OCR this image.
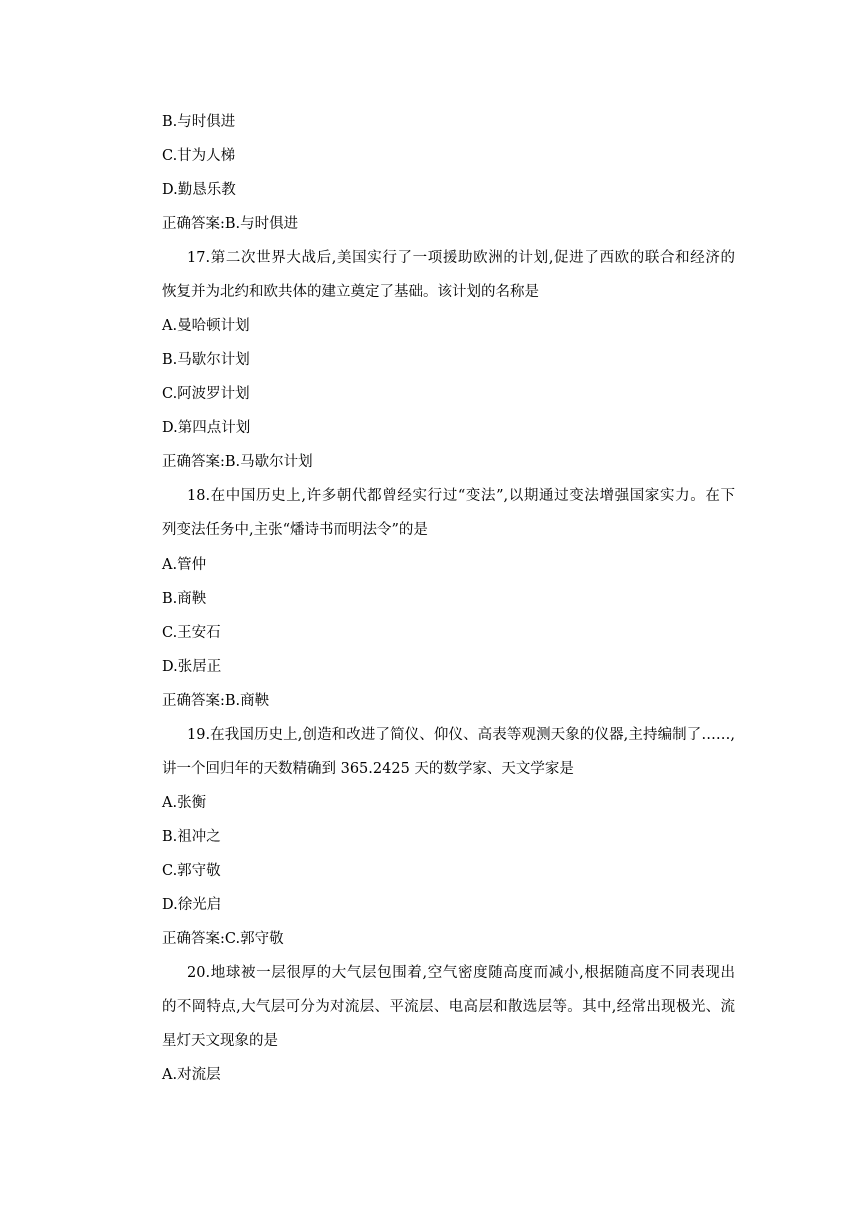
B.与时俱进
C.甘为人梯
D.勤恳乐教
正确答案:B.与时俱进
17.第二次世界大战后,美国实行了一项援助欧洲的计划,促进了西欧的联合和经济的
恢复并为北约和欧共体的建立奠定了基础。该计划的名称是
A.曼哈顿计划
B.马歇尔计划
C.阿波罗计划
D.第四点计划
正确答案:B.马歇尔计划
18.在中国历史上,许多朝代都曾经实行过“变法”,以期通过变法增强国家实力。在下
列变法任务中,主张“燔诗书而明法令”的是
A.管仲
B.商鞅
C.王安石
D.张居正
正确答案:B.商鞅
19.在我国历史上,创造和改进了简仪、仰仪、高表等观测天象的仪器,主持编制了……,
讲一个回归年的天数精确到 365.2425 天的数学家、天文学家是
A.张衡
B.祖冲之
C.郭守敬
D.徐光启
正确答案:C.郭守敬
20.地球被一层很厚的大气层包围着,空气密度随高度而减小,根据随高度不同表现出
的不岡特点,大气层可分为对流层、平流层、电高层和散选层等。其中,经常出现极光、流
星灯天文现象的是
A.对流层
